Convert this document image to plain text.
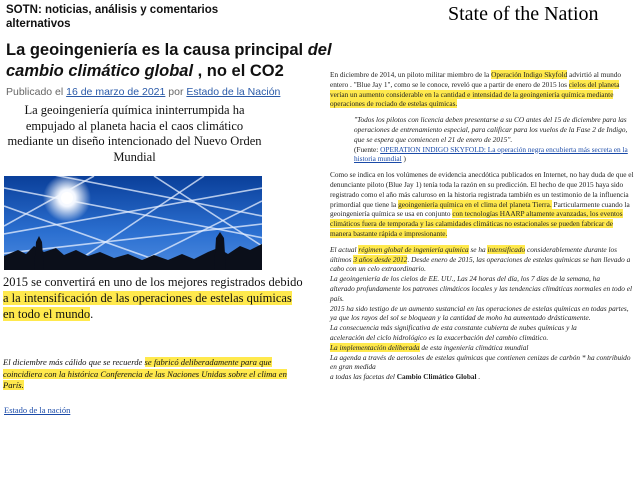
SOTN: noticias, análisis y comentarios alternativos	State of the Nation
La geoingeniería es la causa principal del cambio climático global , no el CO2
Publicado el 16 de marzo de 2021 por Estado de la Nación
La geoingeniería química ininterrumpida ha empujado al planeta hacia el caos climático mediante un diseño intencionado del Nuevo Orden Mundial
2015 se convertirá en uno de los mejores registrados debido a la intensificación de las operaciones de estelas químicas en todo el mundo.
El diciembre más cálido que se recuerde se fabricó deliberadamente para que coincidiera con la histórica Conferencia de las Naciones Unidas sobre el clima en París.
Estado de la nación

En diciembre de 2014, un piloto militar miembro de la Operación Indigo Skyfold advirtió al mundo entero . "Blue Jay 1", como se le conoce, reveló que a partir de enero de 2015 los cielos del planeta verían un aumento considerable en la cantidad e intensidad de la geoingeniería química mediante operaciones de rociado de estelas químicas.

"Todos los pilotos con licencia deben presentarse a su CO antes del 15 de diciembre para las operaciones de entrenamiento especial, para calificar para los vuelos de la Fase 2 de Indigo, que se espera que comiencen el 21 de enero de 2015".
(Fuente: OPERATION INDIGO SKYFOLD: La operación negra encubierta más secreta en la historia mundial )

Como se indica en los volúmenes de evidencia anecdótica publicados en Internet, no hay duda de que el denunciante piloto (Blue Jay 1) tenía toda la razón en su predicción. El hecho de que 2015 haya sido registrado como el año más caluroso en la historia registrada también es un testimonio de la influencia primordial que tiene la geoingeniería química en el clima del planeta Tierra. Particularmente cuando la geoingeniería química se usa en conjunto con tecnologías HAARP altamente avanzadas, los eventos climáticos fuera de temporada y las calamidades climáticas no estacionales se pueden fabricar de manera bastante rápida e impresionante.

El actual régimen global de ingeniería química se ha intensificado considerablemente durante los últimos 3 años desde 2012. Desde enero de 2015, las operaciones de estelas químicas se han llevado a cabo con un celo extraordinario.
La geoingeniería de los cielos de EE. UU., Las 24 horas del día, los 7 días de la semana, ha
alterado profundamente los patrones climáticos locales y las tendencias climáticas normales en todo el país.
2015 ha sido testigo de un aumento sustancial en las operaciones de estelas químicas en todas partes,
ya que los rayos del sol se bloquean y la cantidad de moho ha aumentado drásticamente.
La consecuencia más significativa de esta constante cubierta de nubes químicas y la
aceleración del ciclo hidrológico es la exacerbación del cambio climático.
La implementación deliberada de esta ingeniería climática mundial
La agenda a través de aerosoles de estelas químicas que contienen cenizas de carbón * ha contribuido en gran medida
a todas las facetas del Cambio Climático Global .
